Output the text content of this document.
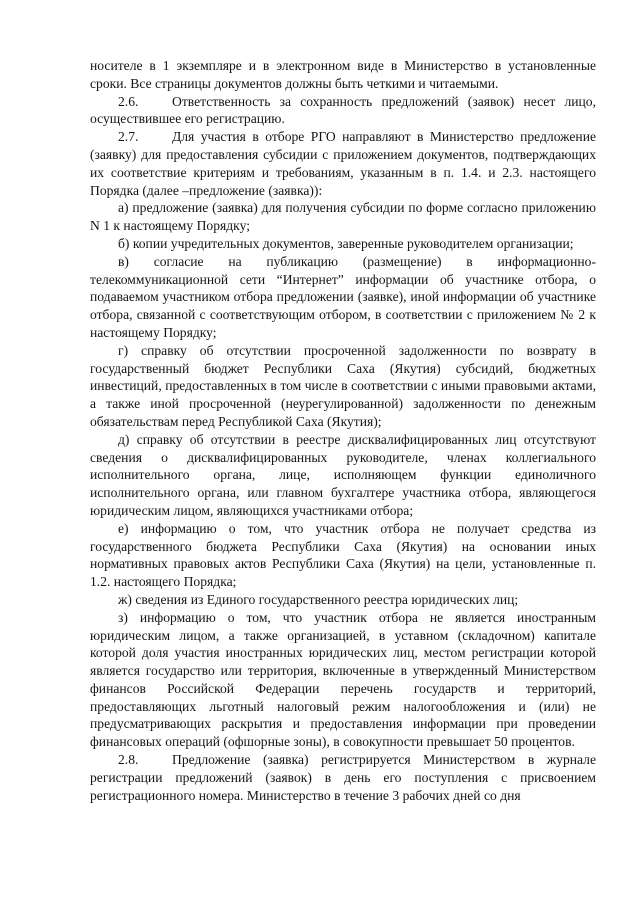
носителе в 1 экземпляре и в электронном виде в Министерство в установленные сроки. Все страницы документов должны быть четкими и читаемыми.

2.6. Ответственность за сохранность предложений (заявок) несет лицо, осуществившее его регистрацию.

2.7. Для участия в отборе РГО направляют в Министерство предложение (заявку) для предоставления субсидии с приложением документов, подтверждающих их соответствие критериям и требованиям, указанным в п. 1.4. и 2.3. настоящего Порядка (далее –предложение (заявка)):

а) предложение (заявка) для получения субсидии по форме согласно приложению N 1 к настоящему Порядку;

б) копии учредительных документов, заверенные руководителем организации;

в) согласие на публикацию (размещение) в информационно-телекоммуникационной сети “Интернет” информации об участнике отбора, о подаваемом участником отбора предложении (заявке), иной информации об участнике отбора, связанной с соответствующим отбором, в соответствии с приложением № 2 к настоящему Порядку;

г) справку об отсутствии просроченной задолженности по возврату в государственный бюджет Республики Саха (Якутия) субсидий, бюджетных инвестиций, предоставленных в том числе в соответствии с иными правовыми актами, а также иной просроченной (неурегулированной) задолженности по денежным обязательствам перед Республикой Саха (Якутия);

д) справку об отсутствии в реестре дисквалифицированных лиц отсутствуют сведения о дисквалифицированных руководителе, членах коллегиального исполнительного органа, лице, исполняющем функции единоличного исполнительного органа, или главном бухгалтере участника отбора, являющегося юридическим лицом, являющихся участниками отбора;

е) информацию о том, что участник отбора не получает средства из государственного бюджета Республики Саха (Якутия) на основании иных нормативных правовых актов Республики Саха (Якутия) на цели, установленные п. 1.2. настоящего Порядка;

ж) сведения из Единого государственного реестра юридических лиц;

з) информацию о том, что участник отбора не является иностранным юридическим лицом, а также организацией, в уставном (складочном) капитале которой доля участия иностранных юридических лиц, местом регистрации которой является государство или территория, включенные в утвержденный Министерством финансов Российской Федерации перечень государств и территорий, предоставляющих льготный налоговый режим налогообложения и (или) не предусматривающих раскрытия и предоставления информации при проведении финансовых операций (офшорные зоны), в совокупности превышает 50 процентов.

2.8. Предложение (заявка) регистрируется Министерством в журнале регистрации предложений (заявок) в день его поступления с присвоением регистрационного номера. Министерство в течение 3 рабочих дней со дня
